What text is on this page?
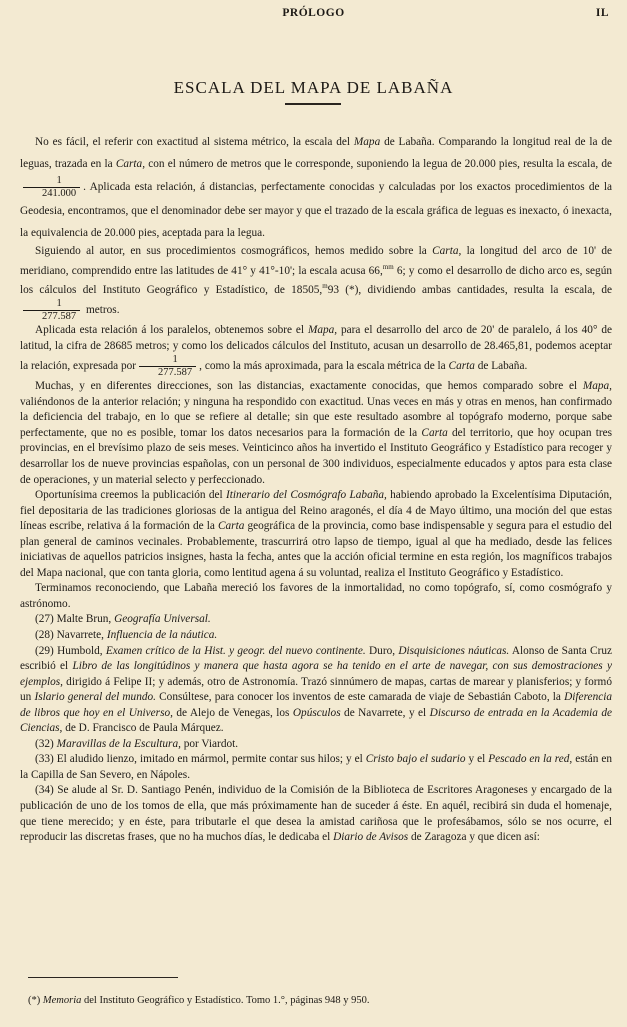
PRÓLOGO	IL
ESCALA DEL MAPA DE LABAÑA

No es fácil, el referir con exactitud al sistema métrico, la escala del Mapa de Labaña. Comparando la longitud real de la de leguas, trazada en la Carta, con el número de metros que le corresponde, suponiendo la legua de 20.000 pies, resulta la escala, de
$\frac{1}{241.000}$ . Aplicada esta relación, á distancias, perfectamente conocidas y calculadas por los exactos procedimientos de la Geodesia, encontramos, que el denominador debe ser mayor y que el trazado de la escala gráfica de leguas es inexacto, ó inexacta, la equivalencia de 20.000 pies, aceptada para la legua.

Siguiendo al autor, en sus procedimientos cosmográficos, hemos medido sobre la Carta, la longitud del arco de 10' de meridiano, comprendido entre las latitudes de 41° y 41°-10'; la escala acusa 66,$^{mm}$ 6; y como el desarrollo de dicho arco es, según los cálculos del Instituto Geográfico y Estadístico, de 18505,$^m$93 (*), dividiendo ambas cantidades, resulta la escala, de
$\frac{1}{277.587}$ metros.

Aplicada esta relación á los paralelos, obtenemos sobre el Mapa, para el desarrollo del arco de 20' de paralelo, á los 40° de latitud, la cifra de 28685 metros; y como los delicados cálculos del Instituto, acusan un desarrollo de 28.465,81, podemos aceptar la relación, expresada por $\frac{1}{277.587}$ , como la más aproximada, para la escala métrica de la Carta de Labaña.

Muchas, y en diferentes direcciones, son las distancias, exactamente conocidas, que hemos comparado sobre el Mapa, valiéndonos de la anterior relación; y ninguna ha respondido con exactitud. Unas veces en más y otras en menos, han confirmado la deficiencia del trabajo, en lo que se refiere al detalle; sin que este resultado asombre al topógrafo moderno, porque sabe perfectamente, que no es posible, tomar los datos necesarios para la formación de la Carta del territorio, que hoy ocupan tres provincias, en el brevísimo plazo de seis meses. Veinticinco años ha invertido el Instituto Geográfico y Estadístico para recoger y desarrollar los de nueve provincias españolas, con un personal de 300 individuos, especialmente educados y aptos para esta clase de operaciones, y un material selecto y perfeccionado.

Oportunísima creemos la publicación del Itinerario del Cosmógrafo Labaña, habiendo aprobado la Excelentísima Diputación, fiel depositaria de las tradiciones gloriosas de la antigua del Reino aragonés, el día 4 de Mayo último, una moción del que estas líneas escribe, relativa á la formación de la Carta geográfica de la provincia, como base indispensable y segura para el estudio del plan general de caminos vecinales. Probablemente, trascurrirá otro lapso de tiempo, igual al que ha mediado, desde las felices iniciativas de aquellos patricios insignes, hasta la fecha, antes que la acción oficial termine en esta región, los magníficos trabajos del Mapa nacional, que con tanta gloria, como lentitud agena á su voluntad, realiza el Instituto Geográfico y Estadístico.

Terminamos reconociendo, que Labaña mereció los favores de la inmortalidad, no como topógrafo, sí, como cosmógrafo y astrónomo.

(27) Malte Brun, Geografía Universal.

(28) Navarrete, Influencia de la náutica.

(29) Humbold, Examen crítico de la Hist. y geogr. del nuevo continente. Duro, Disquisiciones náuticas. Alonso de Santa Cruz escribió el Libro de las longitúdinos y manera que hasta agora se ha tenido en el arte de navegar, con sus demostraciones y ejemplos, dirigido á Felipe II; y además, otro de Astronomía. Trazó sinnúmero de mapas, cartas de marear y planisferios; y formó un Islario general del mundo. Consúltese, para conocer los inventos de este camarada de viaje de Sebastián Caboto, la Diferencia de libros que hoy en el Universo, de Alejo de Venegas, los Opúsculos de Navarrete, y el Discurso de entrada en la Academia de Ciencias, de D. Francisco de Paula Márquez.

(32) Maravillas de la Escultura, por Viardot.

(33) El aludido lienzo, imitado en mármol, permite contar sus hilos; y el Cristo bajo el sudario y el Pescado en la red, están en la Capilla de San Severo, en Nápoles.

(34) Se alude al Sr. D. Santiago Penén, individuo de la Comisión de la Biblioteca de Escritores Aragoneses y encargado de la publicación de uno de los tomos de ella, que más próximamente han de suceder á éste. En aquél, recibirá sin duda el homenaje, que tiene merecido; y en éste, para tributarle el que desea la amistad cariñosa que le profesábamos, sólo se nos ocurre, el reproducir las discretas frases, que no ha muchos días, le dedicaba el Diario de Avisos de Zaragoza y que dicen así:

(*) Memoria del Instituto Geográfico y Estadístico. Tomo 1.°, páginas 948 y 950.
